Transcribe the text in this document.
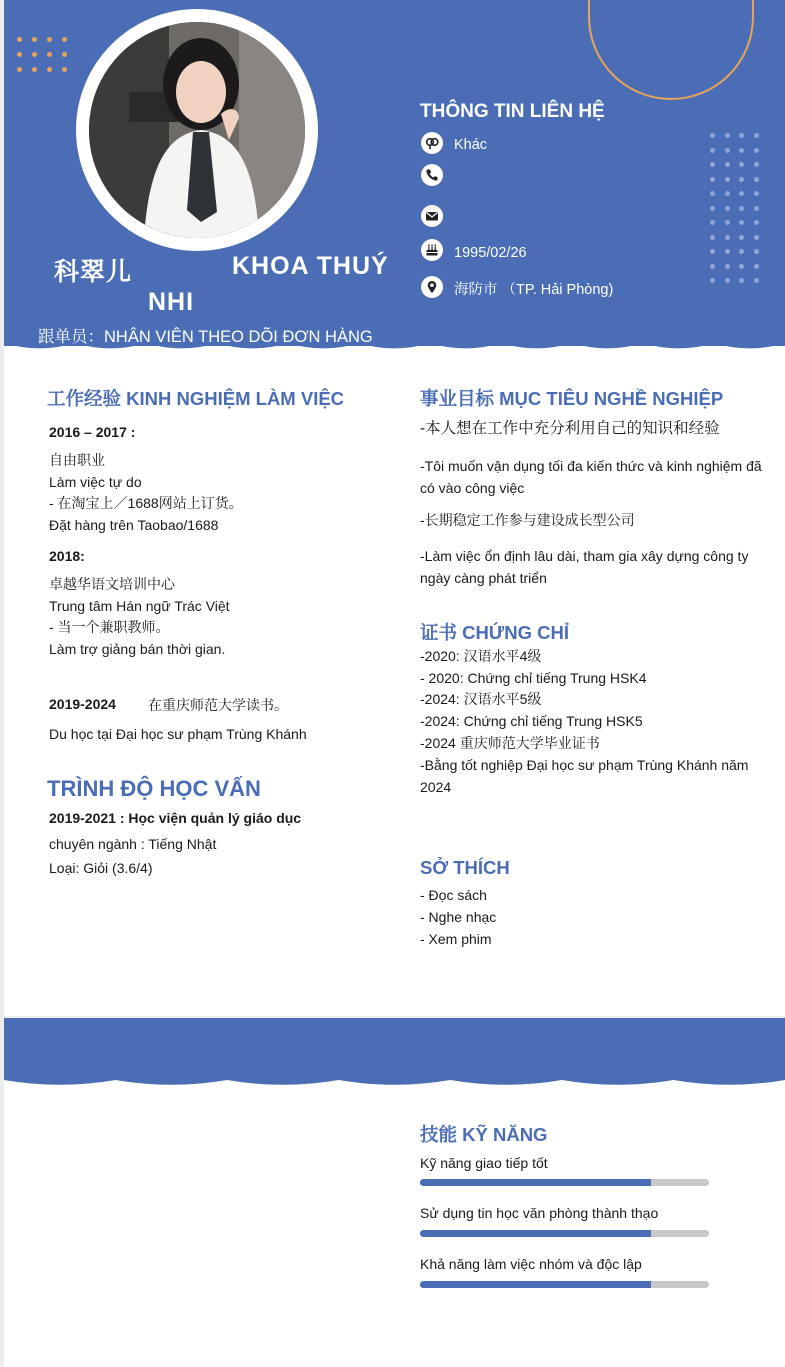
科翠儿	KHOA THUÝ
NHI
跟单员：NHÂN VIÊN THEO DÕI ĐƠN HÀNG
THÔNG TIN LIÊN HỆ
Khác
1995/02/26
海防市 （TP. Hải Phòng)
工作经验 KINH NGHIỆM LÀM VIỆC
2016 – 2017 :
自由职业
Làm việc tự do
- 在淘宝上／1688网站上订货。
Đặt hàng trên Taobao/1688
2018:
卓越华语文培训中心
Trung tâm Hán ngữ Trác Việt
- 当一个兼职教师。
Làm trợ giảng bán thời gian.
2019-2024 在重庆师范大学读书。
Du học tại Đại học sư phạm Trùng Khánh
TRÌNH ĐỘ HỌC VẤN
2019-2021 : Học viện quản lý giáo dục
chuyên ngành : Tiếng Nhật
Loại: Giỏi (3.6/4)
事业目标 MỤC TIÊU NGHỀ NGHIỆP
-本人想在工作中充分利用自己的知识和经验
-Tôi muốn vận dụng tối đa kiến thức và kinh nghiệm đã có vào công việc
-长期稳定工作参与建设成长型公司
-Làm việc ổn định lâu dài, tham gia xây dựng công ty ngày càng phát triển
证书 CHỨNG CHỈ
-2020: 汉语水平4级
- 2020: Chứng chỉ tiếng Trung HSK4
-2024: 汉语水平5级
-2024: Chứng chỉ tiếng Trung HSK5
-2024 重庆师范大学毕业证书
-Bằng tốt nghiệp Đại học sư phạm Trùng Khánh năm 2024
SỞ THÍCH
- Đọc sách
- Nghe nhạc
- Xem phim
技能 KỸ NĂNG
Kỹ năng giao tiếp tốt
Sử dụng tin học văn phòng thành thạo
Khả năng làm việc nhóm và độc lập
